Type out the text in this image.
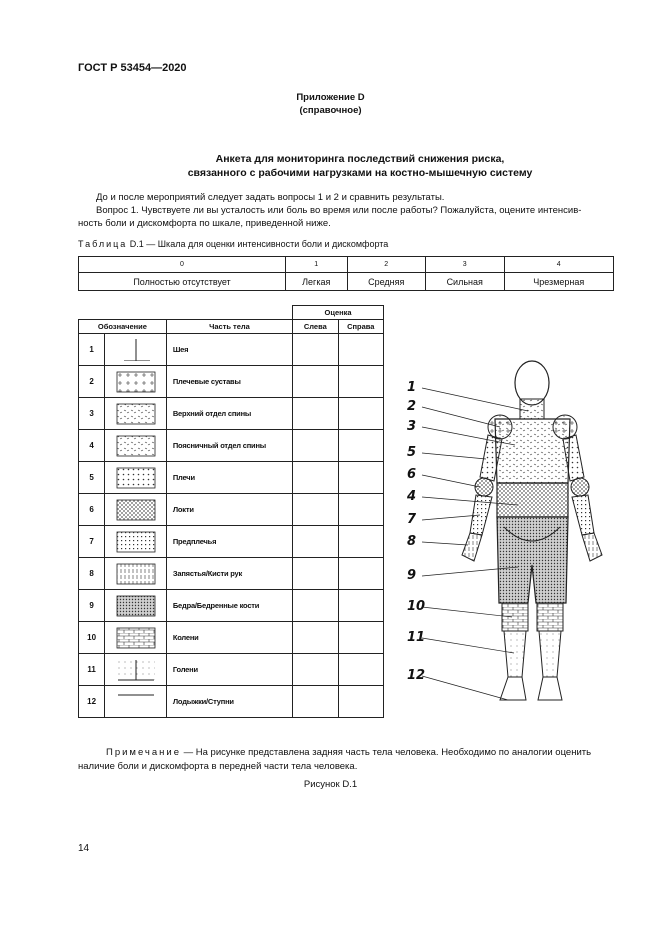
ГОСТ Р 53454—2020
Приложение D
(справочное)
Анкета для мониторинга последствий снижения риска,
связанного с рабочими нагрузками на костно-мышечную систему
До и после мероприятий следует задать вопросы 1 и 2 и сравнить результаты.
Вопрос 1. Чувствуете ли вы усталость или боль во время или после работы? Пожалуйста, оцените интенсив-
ность боли и дискомфорта по шкале, приведенной ниже.
Таблица D.1 — Шкала для оценки интенсивности боли и дискомфорта
0	1	2	3	4
Полностью отсутствует	Легкая	Средняя	Сильная	Чрезмерная
			Оценка	
Обозначение		Часть тела	Слева	Справа
1		Шея		
2		Плечевые суставы		
3		Верхний отдел спины		
4		Поясничный отдел спины		
5		Плечи		
6		Локти		
7		Предплечья		
8		Запястья/Кисти рук		
9		Бедра/Бедренные кости		
10		Колени		
11		Голени		
12		Лодыжки/Ступни		
1
2
3
5
6
4
7
8
9
10
11
12
Примечание — На рисунке представлена задняя часть тела человека. Необходимо по аналогии оценить
наличие боли и дискомфорта в передней части тела человека.
Рисунок D.1
14
